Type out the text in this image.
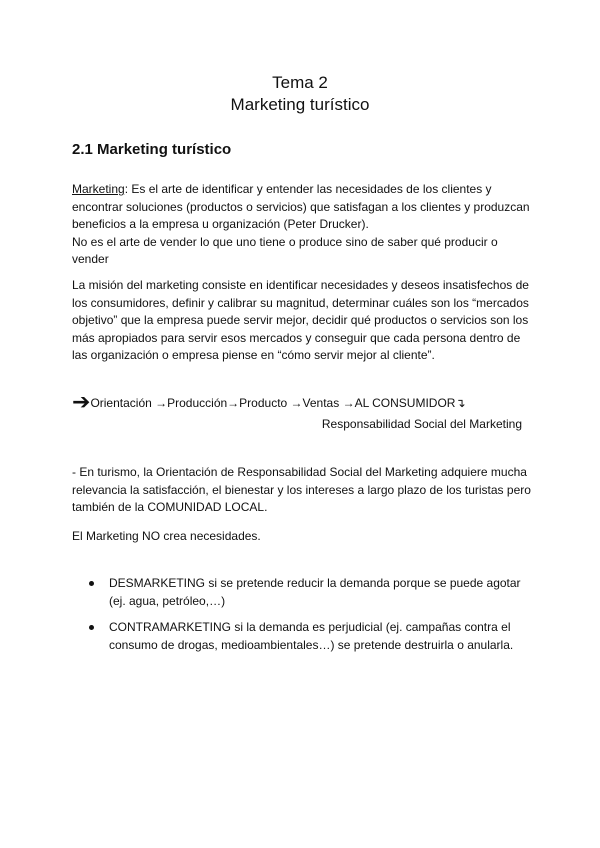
Tema 2

Marketing turístico

2.1 Marketing turístico
Marketing: Es el arte de identificar y entender las necesidades de los clientes y encontrar soluciones (productos o servicios) que satisfagan a los clientes y produzcan beneficios a la empresa u organización (Peter Drucker).
No es el arte de vender lo que uno tiene o produce sino de saber qué producir o vender

La misión del marketing consiste en identificar necesidades y deseos insatisfechos de los consumidores, definir y calibrar su magnitud, determinar cuáles son los “mercados objetivo” que la empresa puede servir mejor, decidir qué productos o servicios son los más apropiados para servir esos mercados y conseguir que cada persona dentro de las organización o empresa piense en “cómo servir mejor al cliente”.

➔Orientación →Producción→Producto →Ventas →AL CONSUMIDOR↴
Responsabilidad Social del Marketing

- En turismo, la Orientación de Responsabilidad Social del Marketing adquiere mucha relevancia la satisfacción, el bienestar y los intereses a largo plazo de los turistas pero también de la COMUNIDAD LOCAL.

El Marketing NO crea necesidades.

DESMARKETING si se pretende reducir la demanda porque se puede agotar (ej. agua, petróleo,…)
CONTRAMARKETING si la demanda es perjudicial (ej. campañas contra el consumo de drogas, medioambientales…) se pretende destruirla o anularla.
